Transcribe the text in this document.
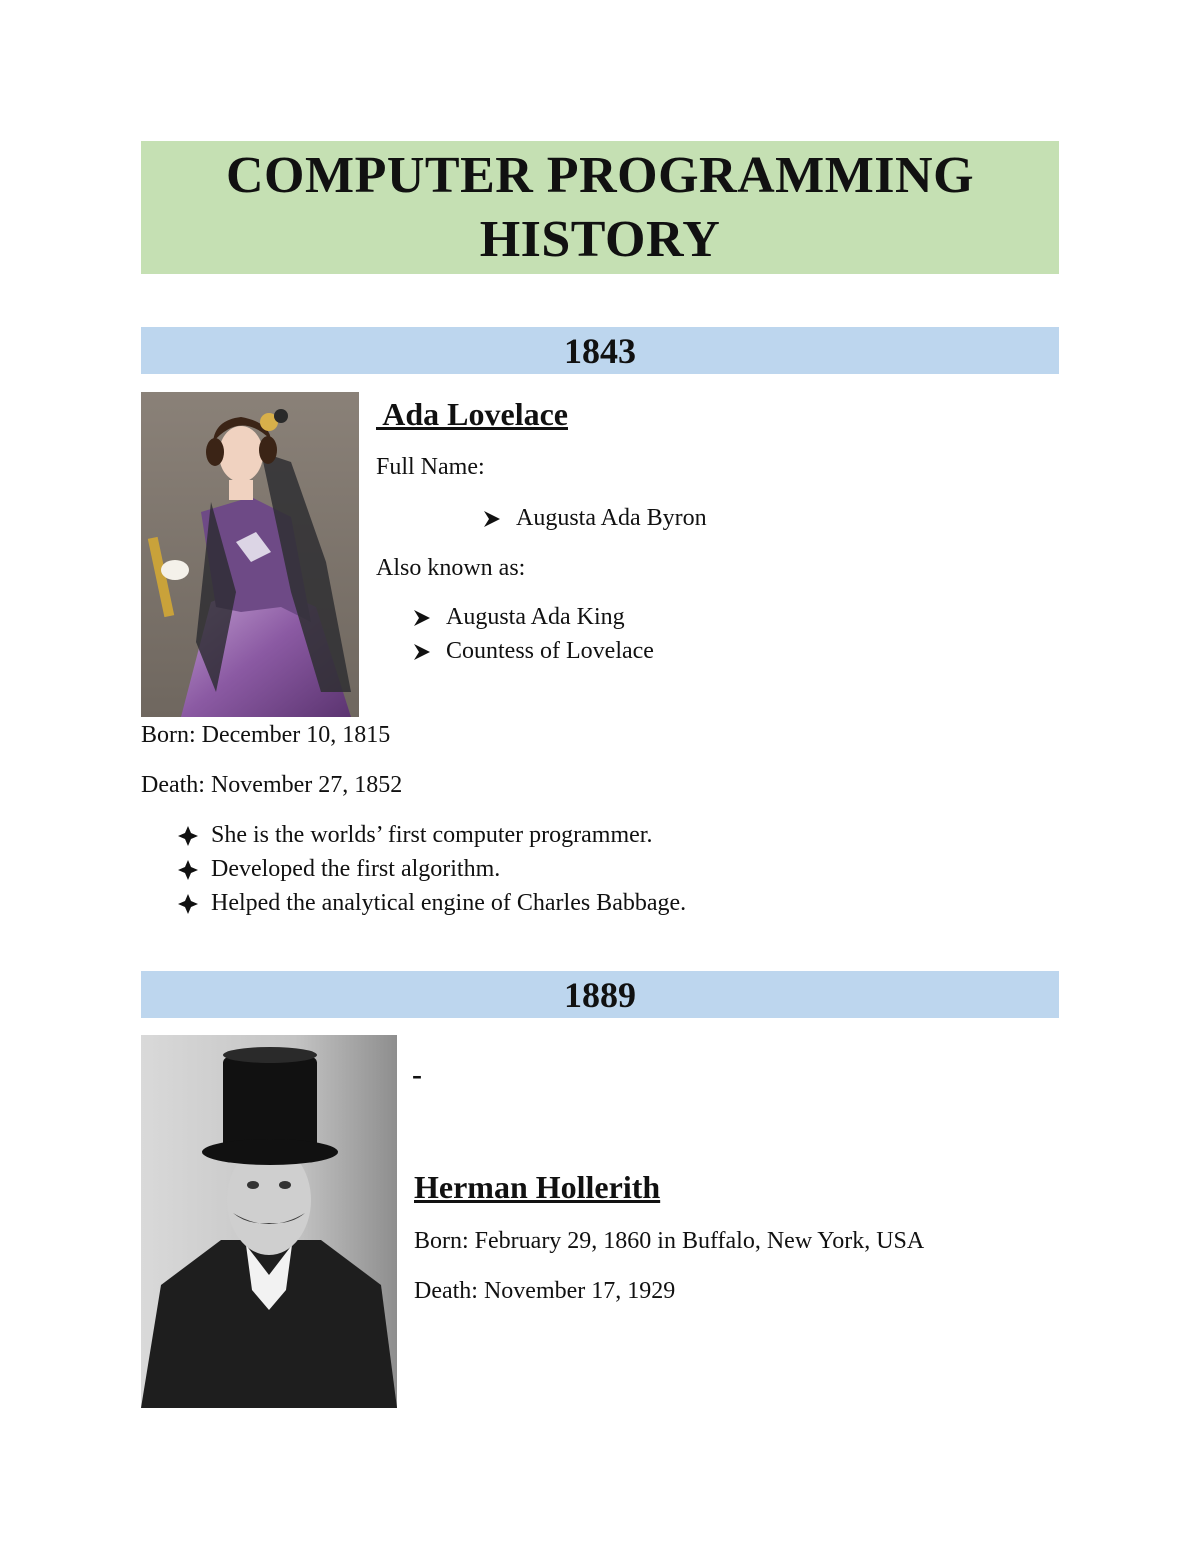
COMPUTER PROGRAMMING HISTORY
1843
Ada Lovelace
Full Name:
Augusta Ada Byron
Also known as:
Augusta Ada King
Countess of Lovelace
Born: December 10, 1815
Death: November 27, 1852
She is the worlds’ first computer programmer.
Developed the first algorithm.
Helped the analytical engine of Charles Babbage.
1889
-
Herman Hollerith
Born: February 29, 1860 in Buffalo, New York, USA
Death: November 17, 1929
